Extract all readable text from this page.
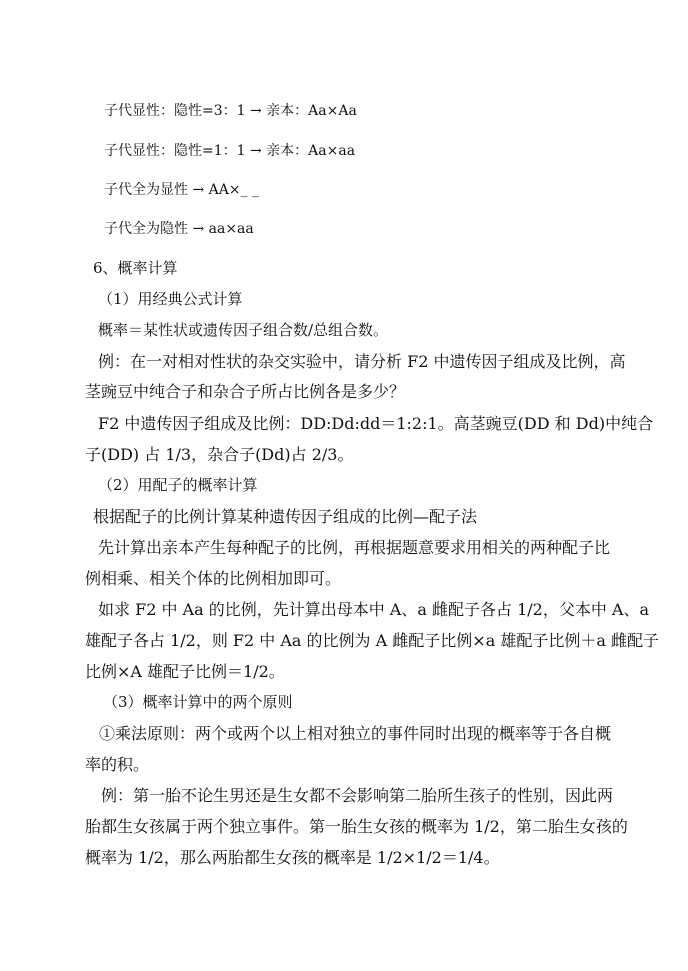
子代显性：隐性=3：1 → 亲本：Aa×Aa
子代显性：隐性=1：1 → 亲本：Aa×aa
子代全为显性 → AA×_ _
子代全为隐性 → aa×aa
6、概率计算
（1）用经典公式计算
概率＝某性状或遗传因子组合数/总组合数。
例：在一对相对性状的杂交实验中，请分析 F2 中遗传因子组成及比例，高
茎豌豆中纯合子和杂合子所占比例各是多少？
F2 中遗传因子组成及比例：DD:Dd:dd＝1:2:1。高茎豌豆(DD 和 Dd)中纯合
子(DD) 占 1/3，杂合子(Dd)占 2/3。
（2）用配子的概率计算
根据配子的比例计算某种遗传因子组成的比例—配子法
先计算出亲本产生每种配子的比例，再根据题意要求用相关的两种配子比
例相乘、相关个体的比例相加即可。
如求 F2 中 Aa 的比例，先计算出母本中 A、a 雌配子各占 1/2，父本中 A、a
雄配子各占 1/2，则 F2 中 Aa 的比例为 A 雌配子比例×a 雄配子比例＋a 雌配子
比例×A 雄配子比例＝1/2。
（3）概率计算中的两个原则
①乘法原则：两个或两个以上相对独立的事件同时出现的概率等于各自概
率的积。
例：第一胎不论生男还是生女都不会影响第二胎所生孩子的性别，因此两
胎都生女孩属于两个独立事件。第一胎生女孩的概率为 1/2，第二胎生女孩的
概率为 1/2，那么两胎都生女孩的概率是 1/2×1/2＝1/4。
